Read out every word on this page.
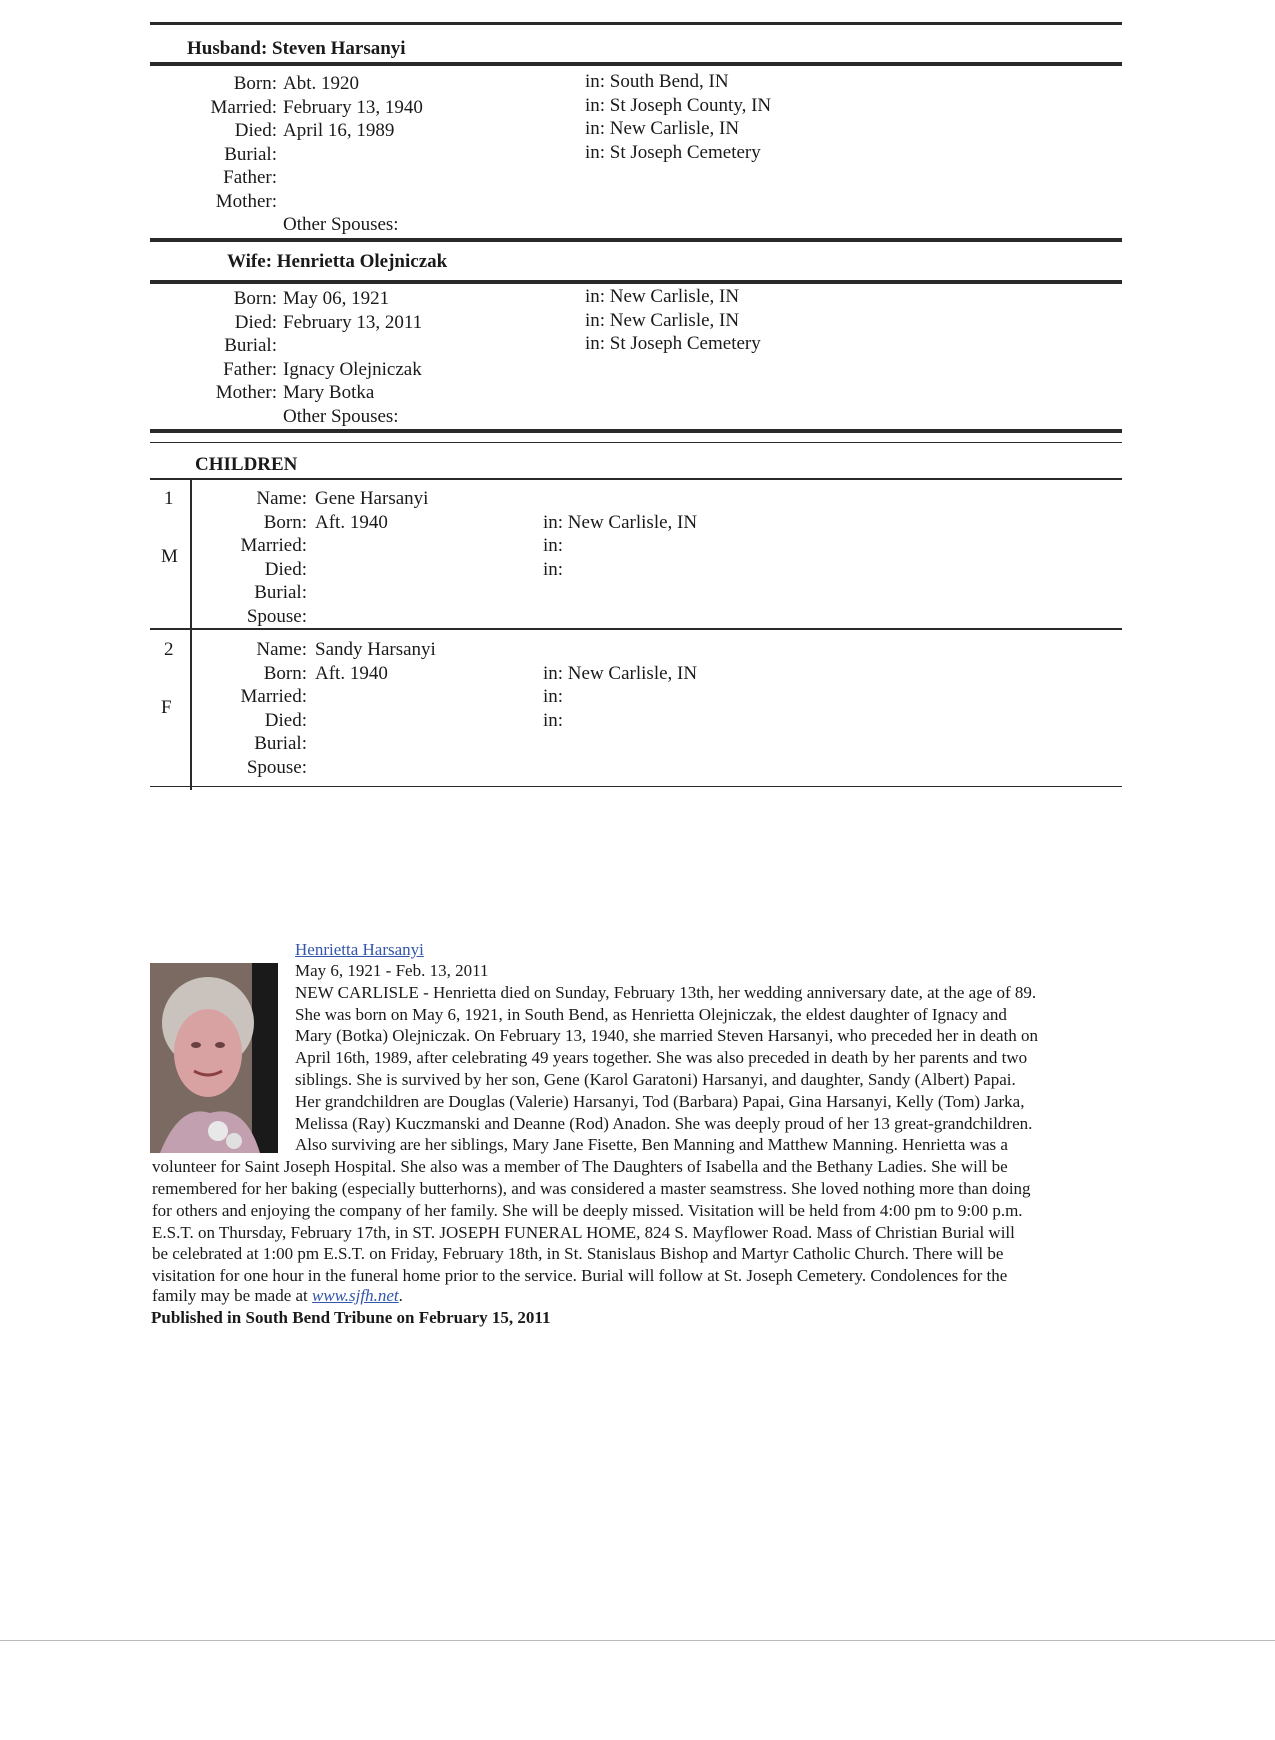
Husband: Steven Harsanyi
Born: Abt. 1920	in: South Bend, IN
Married: February 13, 1940	in: St Joseph County, IN
Died: April 16, 1989	in: New Carlisle, IN
Burial:	in: St Joseph Cemetery
Father:
Mother:
Other Spouses:
Wife: Henrietta Olejniczak
Born: May 06, 1921	in: New Carlisle, IN
Died: February 13, 2011	in: New Carlisle, IN
Burial:	in: St Joseph Cemetery
Father: Ignacy Olejniczak
Mother: Mary Botka
Other Spouses:
CHILDREN
1
M
Name: Gene Harsanyi
Born: Aft. 1940	in: New Carlisle, IN
Married:	in:
Died:	in:
Burial:
Spouse:
2
F
Name: Sandy Harsanyi
Born: Aft. 1940	in: New Carlisle, IN
Married:	in:
Died:	in:
Burial:
Spouse:
Henrietta Harsanyi
May 6, 1921 - Feb. 13, 2011
NEW CARLISLE - Henrietta died on Sunday, February 13th, her wedding anniversary date, at the age of 89.
She was born on May 6, 1921, in South Bend, as Henrietta Olejniczak, the eldest daughter of Ignacy and
Mary (Botka) Olejniczak. On February 13, 1940, she married Steven Harsanyi, who preceded her in death on
April 16th, 1989, after celebrating 49 years together. She was also preceded in death by her parents and two
siblings. She is survived by her son, Gene (Karol Garatoni) Harsanyi, and daughter, Sandy (Albert) Papai.
Her grandchildren are Douglas (Valerie) Harsanyi, Tod (Barbara) Papai, Gina Harsanyi, Kelly (Tom) Jarka,
Melissa (Ray) Kuczmanski and Deanne (Rod) Anadon. She was deeply proud of her 13 great-grandchildren.
Also surviving are her siblings, Mary Jane Fisette, Ben Manning and Matthew Manning. Henrietta was a
volunteer for Saint Joseph Hospital. She also was a member of The Daughters of Isabella and the Bethany Ladies. She will be
remembered for her baking (especially butterhorns), and was considered a master seamstress. She loved nothing more than doing
for others and enjoying the company of her family. She will be deeply missed. Visitation will be held from 4:00 pm to 9:00 p.m.
E.S.T. on Thursday, February 17th, in ST. JOSEPH FUNERAL HOME, 824 S. Mayflower Road. Mass of Christian Burial will
be celebrated at 1:00 pm E.S.T. on Friday, February 18th, in St. Stanislaus Bishop and Martyr Catholic Church. There will be
visitation for one hour in the funeral home prior to the service. Burial will follow at St. Joseph Cemetery. Condolences for the
family may be made at www.sjfh.net.
Published in South Bend Tribune on February 15, 2011
